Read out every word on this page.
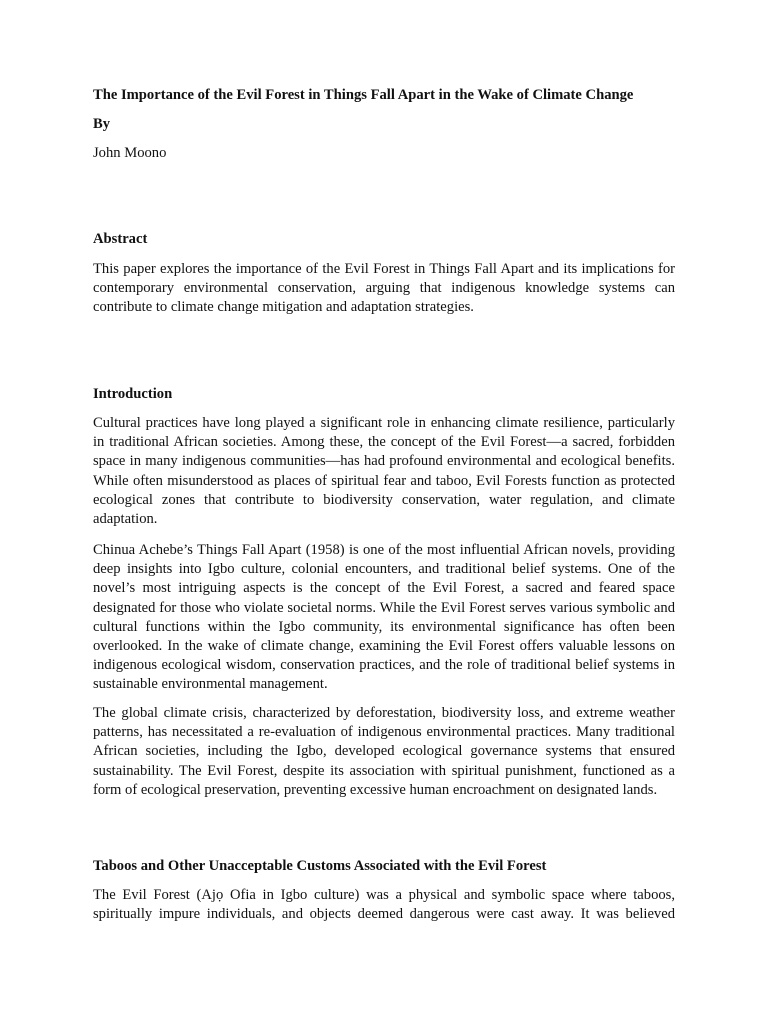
The Importance of the Evil Forest in Things Fall Apart in the Wake of Climate Change
By
John Moono
Abstract

This paper explores the importance of the Evil Forest in Things Fall Apart and its implications for contemporary environmental conservation, arguing that indigenous knowledge systems can contribute to climate change mitigation and adaptation strategies.

Introduction

Cultural practices have long played a significant role in enhancing climate resilience, particularly in traditional African societies. Among these, the concept of the Evil Forest—a sacred, forbidden space in many indigenous communities—has had profound environmental and ecological benefits. While often misunderstood as places of spiritual fear and taboo, Evil Forests function as protected ecological zones that contribute to biodiversity conservation, water regulation, and climate adaptation.

Chinua Achebe’s Things Fall Apart (1958) is one of the most influential African novels, providing deep insights into Igbo culture, colonial encounters, and traditional belief systems. One of the novel’s most intriguing aspects is the concept of the Evil Forest, a sacred and feared space designated for those who violate societal norms. While the Evil Forest serves various symbolic and cultural functions within the Igbo community, its environmental significance has often been overlooked. In the wake of climate change, examining the Evil Forest offers valuable lessons on indigenous ecological wisdom, conservation practices, and the role of traditional belief systems in sustainable environmental management.

The global climate crisis, characterized by deforestation, biodiversity loss, and extreme weather patterns, has necessitated a re-evaluation of indigenous environmental practices. Many traditional African societies, including the Igbo, developed ecological governance systems that ensured sustainability. The Evil Forest, despite its association with spiritual punishment, functioned as a form of ecological preservation, preventing excessive human encroachment on designated lands.

Taboos and Other Unacceptable Customs Associated with the Evil Forest

The Evil Forest (Ajọ Ofia in Igbo culture) was a physical and symbolic space where taboos, spiritually impure individuals, and objects deemed dangerous were cast away. It was believed
